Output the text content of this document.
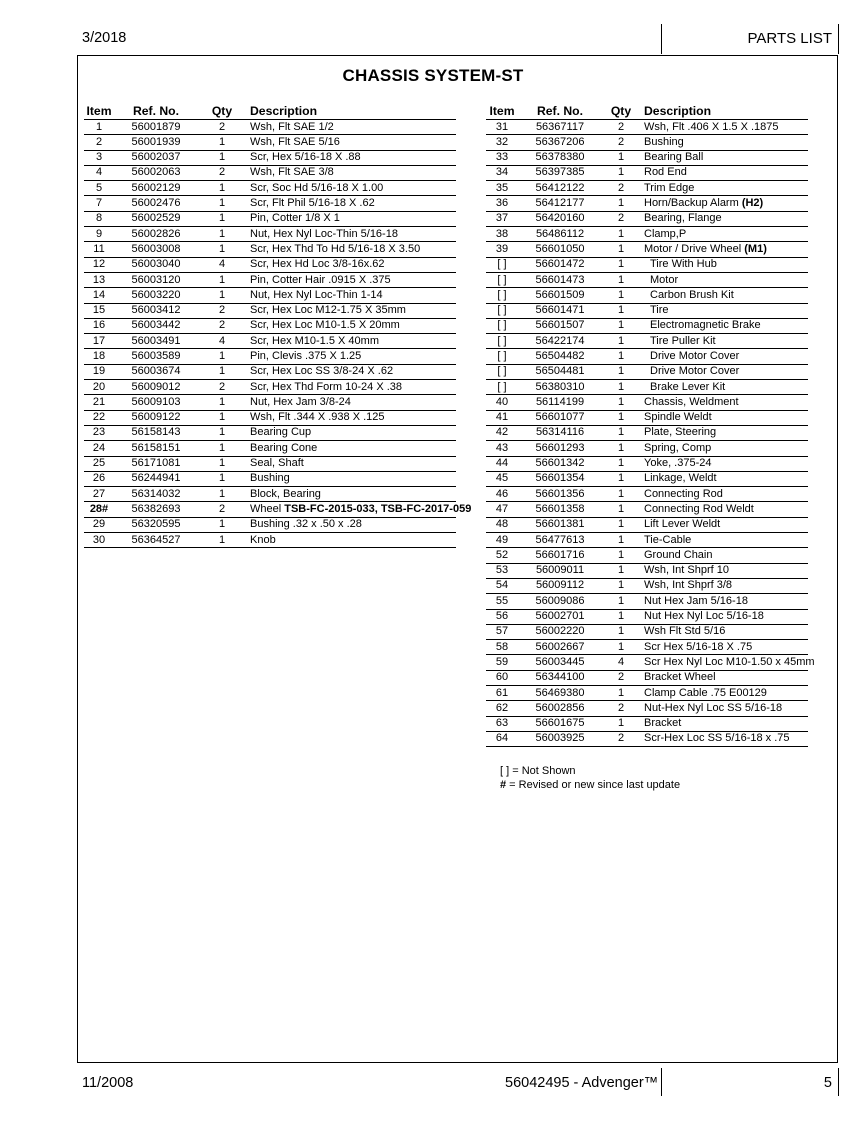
3/2018	PARTS LIST
CHASSIS SYSTEM-ST
Item	Ref. No.	Qty	Description
1	56001879	2	Wsh, Flt SAE 1/2
2	56001939	1	Wsh, Flt SAE 5/16
3	56002037	1	Scr, Hex 5/16-18 X .88
4	56002063	2	Wsh, Flt SAE 3/8
5	56002129	1	Scr, Soc Hd 5/16-18 X 1.00
7	56002476	1	Scr, Flt Phil 5/16-18 X .62
8	56002529	1	Pin, Cotter 1/8 X 1
9	56002826	1	Nut, Hex Nyl Loc-Thin 5/16-18
11	56003008	1	Scr, Hex Thd To Hd 5/16-18 X 3.50
12	56003040	4	Scr, Hex Hd Loc 3/8-16x.62
13	56003120	1	Pin, Cotter Hair .0915 X .375
14	56003220	1	Nut, Hex Nyl Loc-Thin 1-14
15	56003412	2	Scr, Hex Loc M12-1.75 X 35mm
16	56003442	2	Scr, Hex Loc M10-1.5 X 20mm
17	56003491	4	Scr, Hex M10-1.5 X 40mm
18	56003589	1	Pin, Clevis .375 X 1.25
19	56003674	1	Scr, Hex Loc SS 3/8-24 X .62
20	56009012	2	Scr, Hex Thd Form 10-24 X .38
21	56009103	1	Nut, Hex Jam 3/8-24
22	56009122	1	Wsh, Flt .344 X .938 X .125
23	56158143	1	Bearing Cup
24	56158151	1	Bearing Cone
25	56171081	1	Seal, Shaft
26	56244941	1	Bushing
27	56314032	1	Block, Bearing
28#	56382693	2	Wheel TSB-FC-2015-033, TSB-FC-2017-059
29	56320595	1	Bushing .32 x .50 x .28
30	56364527	1	Knob
Item	Ref. No.	Qty	Description
31	56367117	2	Wsh, Flt .406 X 1.5 X .1875
32	56367206	2	Bushing
33	56378380	1	Bearing Ball
34	56397385	1	Rod End
35	56412122	2	Trim Edge
36	56412177	1	Horn/Backup Alarm (H2)
37	56420160	2	Bearing, Flange
38	56486112	1	Clamp,P
39	56601050	1	Motor / Drive Wheel (M1)
[ ]	56601472	1	Tire With Hub
[ ]	56601473	1	Motor
[ ]	56601509	1	Carbon Brush Kit
[ ]	56601471	1	Tire
[ ]	56601507	1	Electromagnetic Brake
[ ]	56422174	1	Tire Puller Kit
[ ]	56504482	1	Drive Motor Cover
[ ]	56504481	1	Drive Motor Cover
[ ]	56380310	1	Brake Lever Kit
40	56114199	1	Chassis, Weldment
41	56601077	1	Spindle Weldt
42	56314116	1	Plate, Steering
43	56601293	1	Spring, Comp
44	56601342	1	Yoke, .375-24
45	56601354	1	Linkage, Weldt
46	56601356	1	Connecting Rod
47	56601358	1	Connecting Rod Weldt
48	56601381	1	Lift Lever Weldt
49	56477613	1	Tie-Cable
52	56601716	1	Ground Chain
53	56009011	1	Wsh, Int Shprf 10
54	56009112	1	Wsh, Int Shprf 3/8
55	56009086	1	Nut Hex Jam 5/16-18
56	56002701	1	Nut Hex Nyl Loc 5/16-18
57	56002220	1	Wsh Flt Std 5/16
58	56002667	1	Scr Hex 5/16-18 X .75
59	56003445	4	Scr Hex Nyl Loc M10-1.50 x 45mm
60	56344100	2	Bracket Wheel
61	56469380	1	Clamp Cable .75 E00129
62	56002856	2	Nut-Hex Nyl Loc SS 5/16-18
63	56601675	1	Bracket
64	56003925	2	Scr-Hex Loc SS 5/16-18 x .75
[ ] = Not Shown
# = Revised or new since last update
11/2008	56042495 - Advenger™	5
